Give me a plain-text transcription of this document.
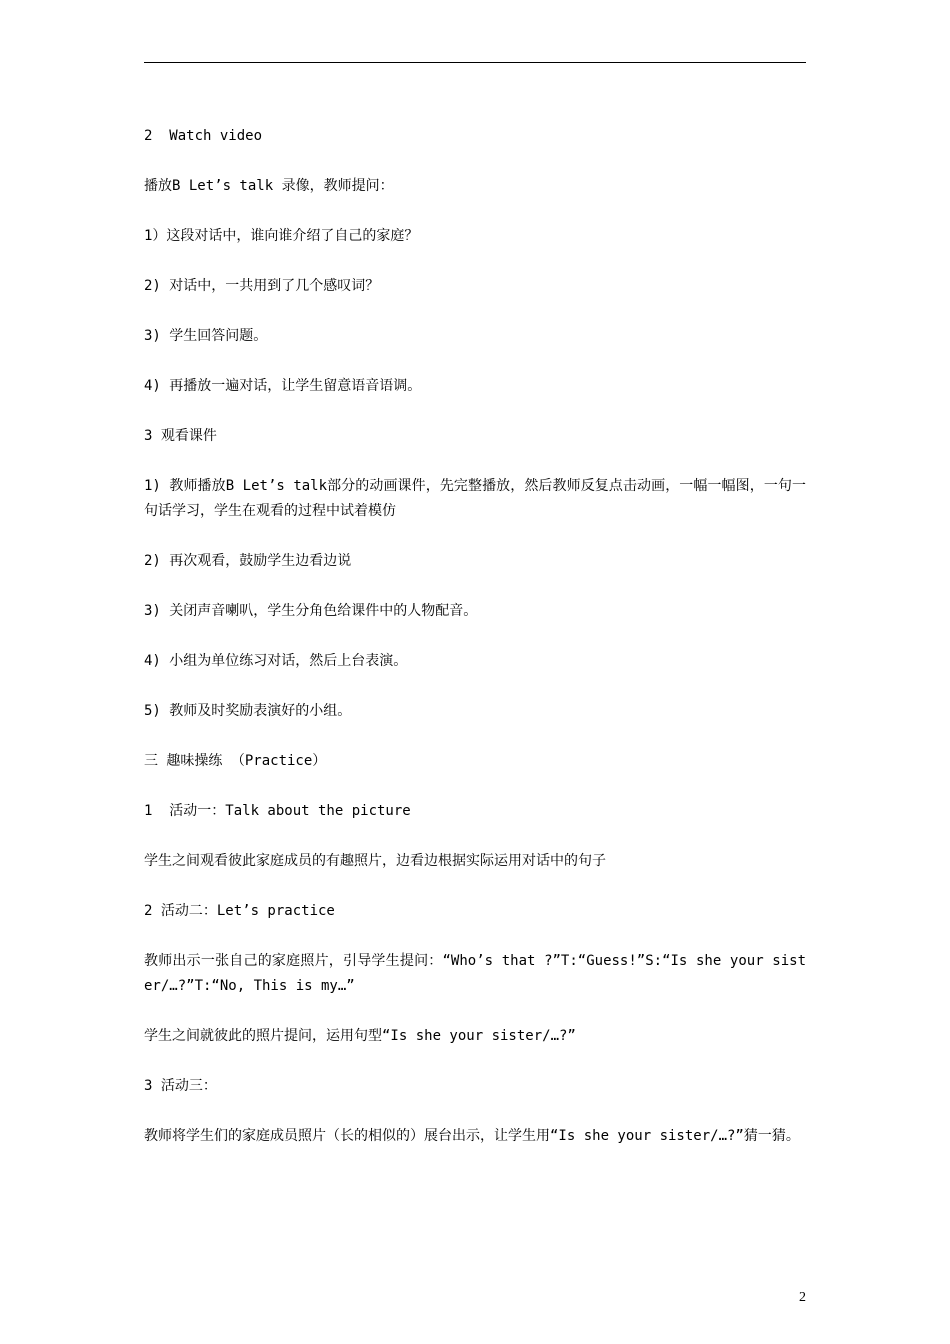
2  Watch video

播放B Let’s talk 录像，教师提问：

1）这段对话中，谁向谁介绍了自己的家庭？

2) 对话中，一共用到了几个感叹词？

3) 学生回答问题。

4) 再播放一遍对话，让学生留意语音语调。

3 观看课件

1) 教师播放B Let’s talk部分的动画课件，先完整播放，然后教师反复点击动画，一幅一幅图，一句一句话学习，学生在观看的过程中试着模仿

2) 再次观看，鼓励学生边看边说

3) 关闭声音喇叭，学生分角色给课件中的人物配音。

4) 小组为单位练习对话，然后上台表演。

5) 教师及时奖励表演好的小组。

三 趣味操练 （Practice）

1  活动一：Talk about the picture

学生之间观看彼此家庭成员的有趣照片，边看边根据实际运用对话中的句子

2 活动二：Let’s practice

教师出示一张自己的家庭照片，引导学生提问：“Who’s that ?”T:“Guess!”S:“Is she your sister/…?”T:“No, This is my…”

学生之间就彼此的照片提问，运用句型“Is she your sister/…?”

3 活动三：

教师将学生们的家庭成员照片（长的相似的）展台出示，让学生用“Is she your sister/…?”猜一猜。

2
